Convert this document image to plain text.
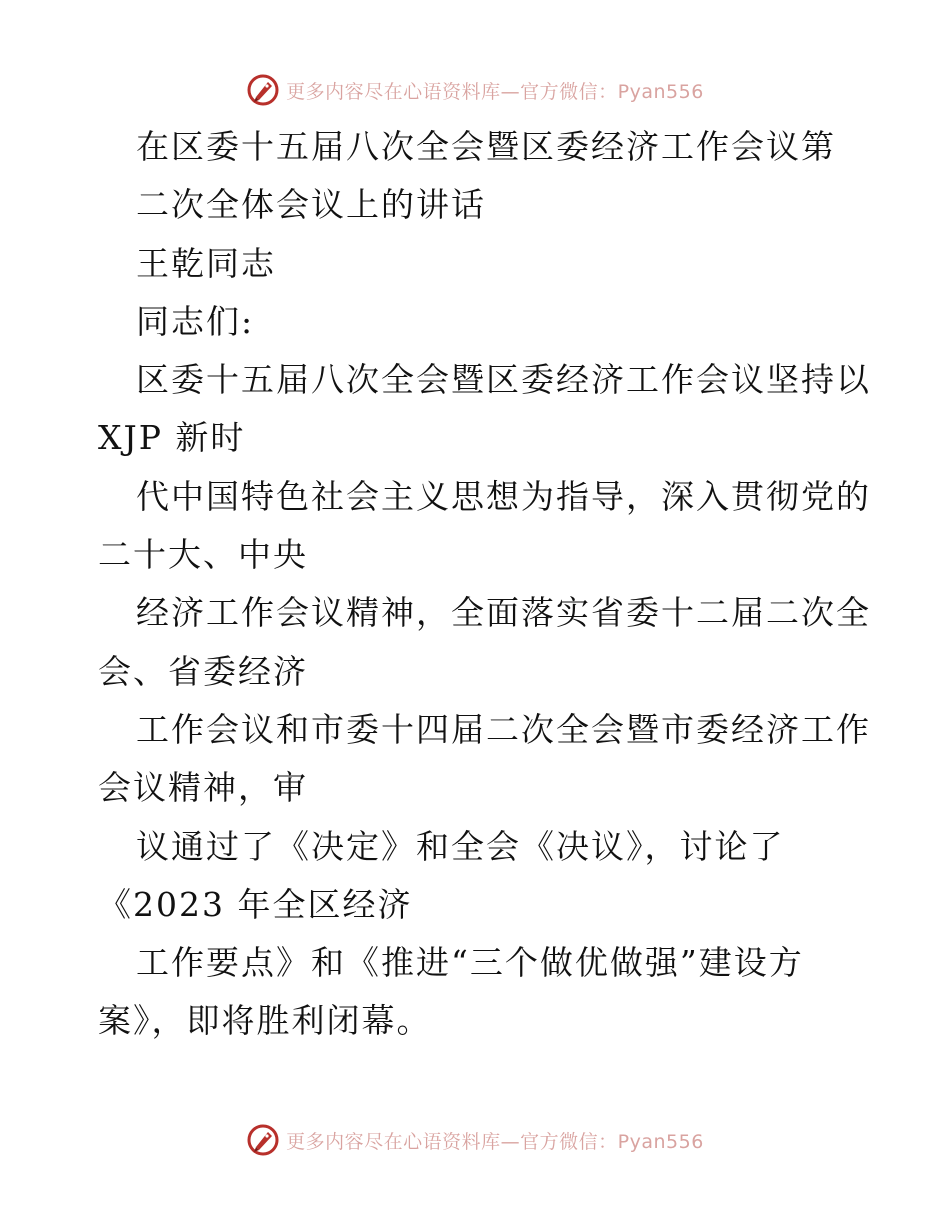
更多内容尽在心语资料库—官方微信：Pyan556
在区委十五届八次全会暨区委经济工作会议第
二次全体会议上的讲话
王乾同志
同志们:
区委十五届八次全会暨区委经济工作会议坚持以
XJP 新时
代中国特色社会主义思想为指导，深入贯彻党的
二十大、中央
经济工作会议精神，全面落实省委十二届二次全
会、省委经济
工作会议和市委十四届二次全会暨市委经济工作
会议精神，审
议通过了《决定》和全会《决议》，讨论了
《2023 年全区经济
工作要点》和《推进“三个做优做强”建设方
案》，即将胜利闭幕。
更多内容尽在心语资料库—官方微信：Pyan556
